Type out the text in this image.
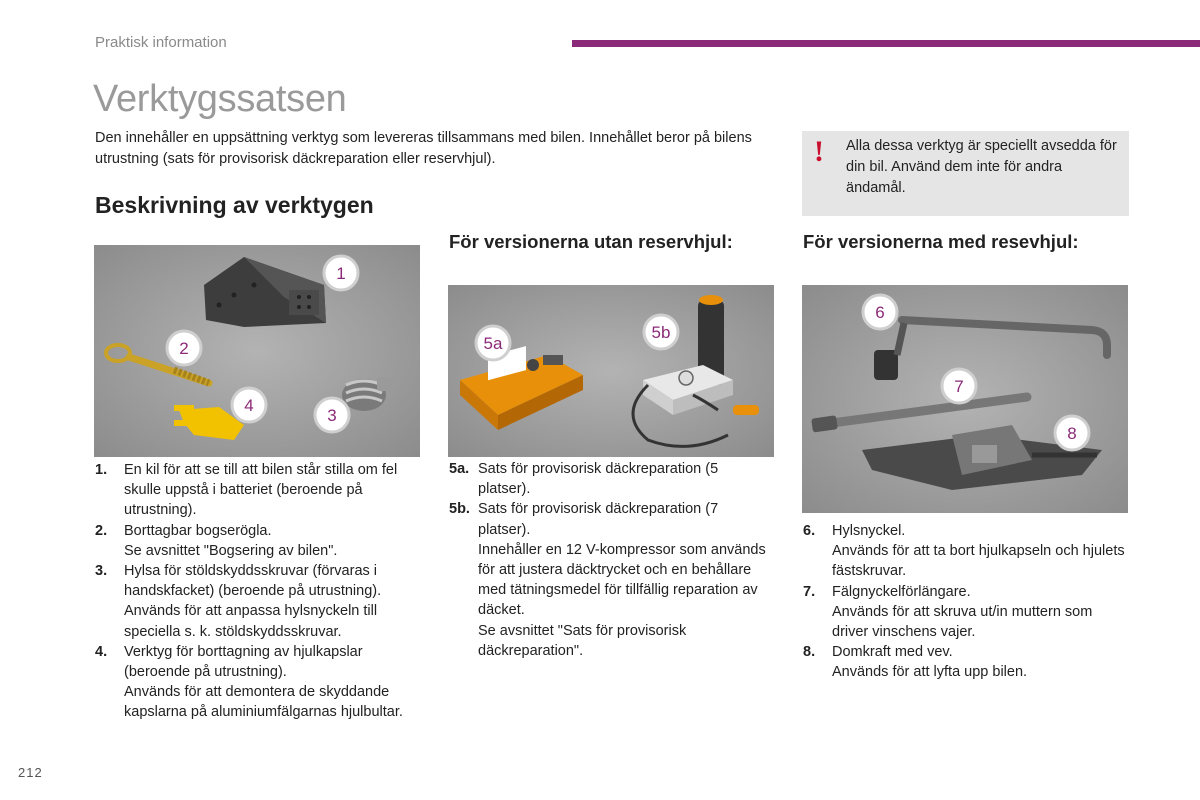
Praktisk information
Verktygssatsen
Den innehåller en uppsättning verktyg som levereras tillsammans med bilen. Innehållet beror på bilens utrustning (sats för provisorisk däckreparation eller reservhjul).	! Alla dessa verktyg är speciellt avsedda för din bil. Använd dem inte för andra ändamål.
Beskrivning av verktygen
För versionerna utan reservhjul:	För versionerna med resevhjul:
1
2
3
4
5a
5b
6
7
8
1. En kil för att se till att bilen står stilla om fel skulle uppstå i batteriet (beroende på utrustning).
2. Borttagbar bogserögla.
Se avsnittet "Bogsering av bilen".
3. Hylsa för stöldskyddsskruvar (förvaras i handskfacket) (beroende på utrustning).
Används för att anpassa hylsnyckeln till speciella s. k. stöldskyddsskruvar.
4. Verktyg för borttagning av hjulkapslar (beroende på utrustning).
Används för att demontera de skyddande kapslarna på aluminiumfälgarnas hjulbultar.
5a. Sats för provisorisk däckreparation (5 platser).
5b. Sats för provisorisk däckreparation (7 platser).
Innehåller en 12 V-kompressor som används för att justera däcktrycket och en behållare med tätningsmedel för tillfällig reparation av däcket.
Se avsnittet "Sats för provisorisk däckreparation".
6. Hylsnyckel.
Används för att ta bort hjulkapseln och hjulets fästskruvar.
7. Fälgnyckelförlängare.
Används för att skruva ut/in muttern som driver vinschens vajer.
8. Domkraft med vev.
Används för att lyfta upp bilen.
212
